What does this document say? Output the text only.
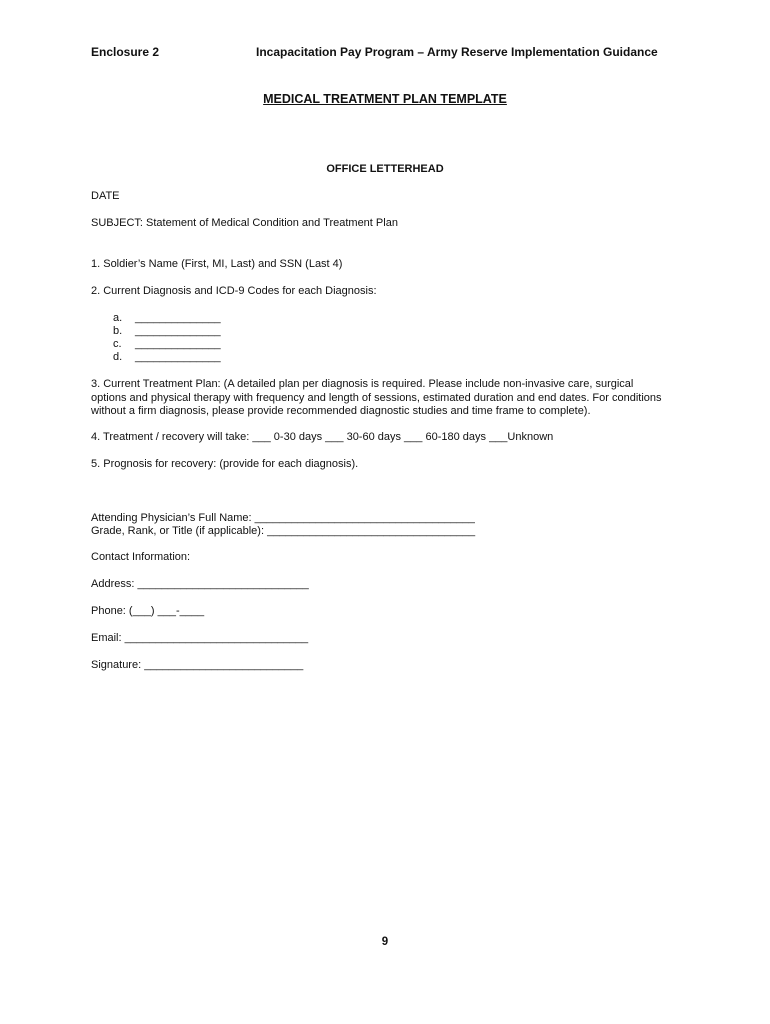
Enclosure 2	Incapacitation Pay Program – Army Reserve Implementation Guidance
MEDICAL TREATMENT PLAN TEMPLATE
OFFICE LETTERHEAD
DATE
SUBJECT: Statement of Medical Condition and Treatment Plan
1. Soldier’s Name (First, MI, Last) and SSN (Last 4)
2. Current Diagnosis and ICD-9 Codes for each Diagnosis:
a. ______________
b. ______________
c. ______________
d. ______________
3. Current Treatment Plan: (A detailed plan per diagnosis is required. Please include non-invasive care, surgical options and physical therapy with frequency and length of sessions, estimated duration and end dates. For conditions without a firm diagnosis, please provide recommended diagnostic studies and time frame to complete).
4. Treatment / recovery will take: ___ 0-30 days ___ 30-60 days ___ 60-180 days ___Unknown
5. Prognosis for recovery: (provide for each diagnosis).
Attending Physician’s Full Name: ____________________________________
Grade, Rank, or Title (if applicable): __________________________________
Contact Information:
Address: ____________________________
Phone: (___) ___-____
Email: ______________________________
Signature: __________________________
9
